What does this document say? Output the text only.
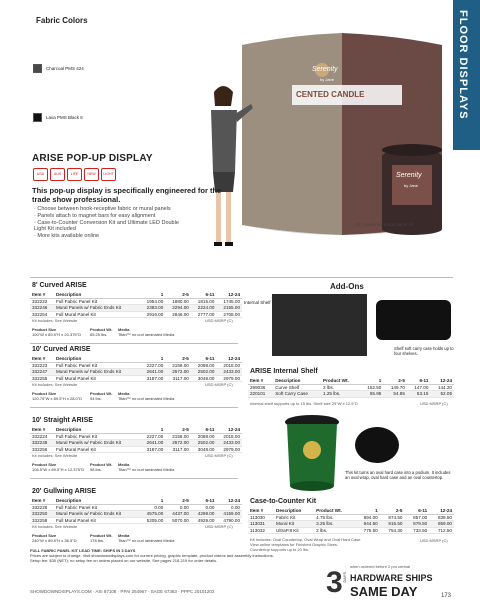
FLOOR DISPLAYS
Fabric Colors
Charcoal PMS 424
Lava PMS Black 6
Serenity
by Jane
CENTED CANDLE
Serenity
by Jane
10' curved full mural panel kit
ARISE POP-UP DISPLAY
USA	AUS	LIFE	NEW	LIGHT
This pop-up display is specifically engineered for the trade show professional.
· Choose between hook-receptive fabric or mural panels
· Panels attach to magnet bars for easy alignment
· Case-to-Counter Conversion Kit and Ultimate LED Double
Light Kit included
· More kits available online
8' Curved ARISE
Item #	Description	1	2-5	6-11	12-24
332222	Full Fabric Panel Kit	1954.00	1880.00	1815.00	1745.00
332246	Mural Panels w/ Fabric Ends Kit	2383.00	2294.00	2224.00	2155.00
332254	Full Mural Panel Kit	2916.00	2846.00	2777.00	2708.00
Kit includes: See Website	USD MSRP (C)
Product Size
100"W x 89.5"H x 20.375"D
Product Wt.
65.25 lbs.
Media
Titan™ no curl laminated Media
10' Curved ARISE
Item #	Description	1	2-5	6-11	12-24
332223	Full Fabric Panel Kit	2227.00	2158.00	2088.00	2018.00
332247	Mural Panels w/ Fabric Ends Kit	2641.00	2572.00	2502.00	2433.00
332255	Full Mural Panel Kit	3187.00	3117.00	3048.00	2979.00
Kit includes: See Website	USD MSRP (C)
Product Size
120.75"W x 89.5"H x 28.0"D
Product Wt.
94 lbs.
Media
Titan™ no curl laminated Media
10' Straight ARISE
Item #	Description	1	2-5	6-11	12-24
332224	Full Fabric Panel Kit	2227.00	2158.00	2088.00	2018.00
332248	Mural Panels w/ Fabric Ends Kit	2641.00	2572.00	2502.00	2433.00
332256	Full Mural Panel Kit	3187.00	3117.00	3048.00	2979.00
Kit includes: See Website	USD MSRP (C)
Product Size
106.5"W x 89.5"H x 12.375"D
Product Wt.
98 lbs.
Media
Titan™ no curl laminated Media
20' Gullwing ARISE
Item #	Description	1	2-5	6-11	12-24
332226	Full Fabric Panel Kit	0.00	0.00	0.00	0.00
332250	Mural Panels w/ Fabric Ends Kit	4575.00	4437.00	4298.00	4159.00
332258	Full Mural Panel Kit	5205.00	5070.00	4929.00	4790.00
Kit includes: See Website	USD MSRP (C)
Product Size
240"W x 89.5"H x 36.5"D
Product Wt.
178 lbs.
Media
Titan™ no curl laminated Media
Add-Ons
Internal Shelf
Shelf soft carry case holds up to four shelves.
ARISE Internal Shelf
Item #	Description	Product Wt.	1	2-5	6-11	12-24
299036	Curve Shelf	3 lbs.	152.50	149.70	147.00	144.20
220101	Soft Carry Case	1.25 lbs.	55.95	54.85	53.15	52.05
Internal shelf supports up to 15 lbs. Shelf size 29"W x 12.5"D	USD MSRP (C)
This kit turns an oval hard case into a podium. It includes an oval wrap, oval hard case and an oval countertop.
Case-to-Counter Kit
Item #	Description	Product Wt.	1	2-5	6-11	12-24
113030	Fabric Kit	4.75 lbs.	894.00	874.50	857.00	839.50
113031	Mural Kit	3.25 lbs.	944.50	915.50	879.50	859.00
113032	UltraP.8 Kit	2 lbs.	775.50	754.30	733.50	712.50
Kit Includes: Oval Countertop, Oval Wrap and Oval Hard Case
View online templates for Finished Graphic Sizes.
Countertop supports up to 20 lbs.
USD MSRP (C)
FULL FABRIC PANEL KIT LEAD TIME: SHIPS IN 3 DAYS
Prices are subject to change. Visit showdowndisplays.com for current pricing, graphic template, product videos and assembly instructions.
Setup fee: $35 (NET), no setup fee on orders placed on our website. See pages 218-219 for order details.
SHOWDOWNDISPLAYS.COM · ASI 87108 · PPAI 254967 · SAGE 67363 · PPPC 20101202	3 DAYS
when ordered before 2 pm central
HARDWARE SHIPS
SAME DAY	173
